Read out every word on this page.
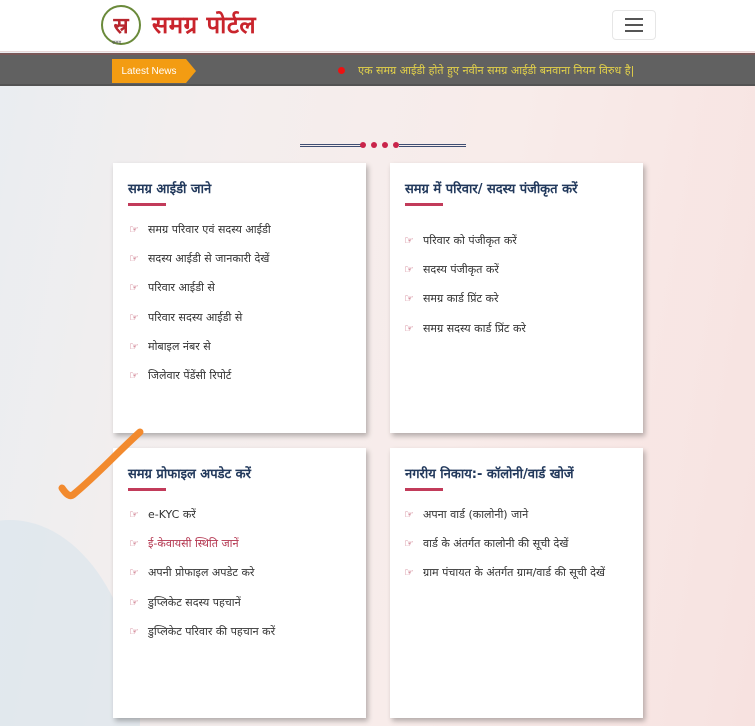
स्र
समग्र
समग्र पोर्टल
Latest News	एक समग्र आईडी होते हुए नवीन समग्र आईडी बनवाना नियम विरुध है|
समग्र आईडी जाने
☞ समग्र परिवार एवं सदस्य आईडी
☞ सदस्य आईडी से जानकारी देखें
☞ परिवार आईडी से
☞ परिवार सदस्य आईडी से
☞ मोबाइल नंबर से
☞ जिलेवार पेंडेंसी रिपोर्ट
समग्र में परिवार/ सदस्य पंजीकृत करें
☞ परिवार को पंजीकृत करें
☞ सदस्य पंजीकृत करें
☞ समग्र कार्ड प्रिंट करे
☞ समग्र सदस्य कार्ड प्रिंट करे
समग्र प्रोफाइल अपडेट करें
☞ e-KYC करें
☞ ई-केवायसी स्थिति जानें
☞ अपनी प्रोफाइल अपडेट करे
☞ डुप्लिकेट सदस्य पहचानें
☞ डुप्लिकेट परिवार की पहचान करें
नगरीय निकाय:- कॉलोनी/वार्ड खोजें
☞ अपना वार्ड (कालोनी) जाने
☞ वार्ड के अंतर्गत कालोनी की सूची देखें
☞ ग्राम पंचायत के अंतर्गत ग्राम/वार्ड की सूची देखें
